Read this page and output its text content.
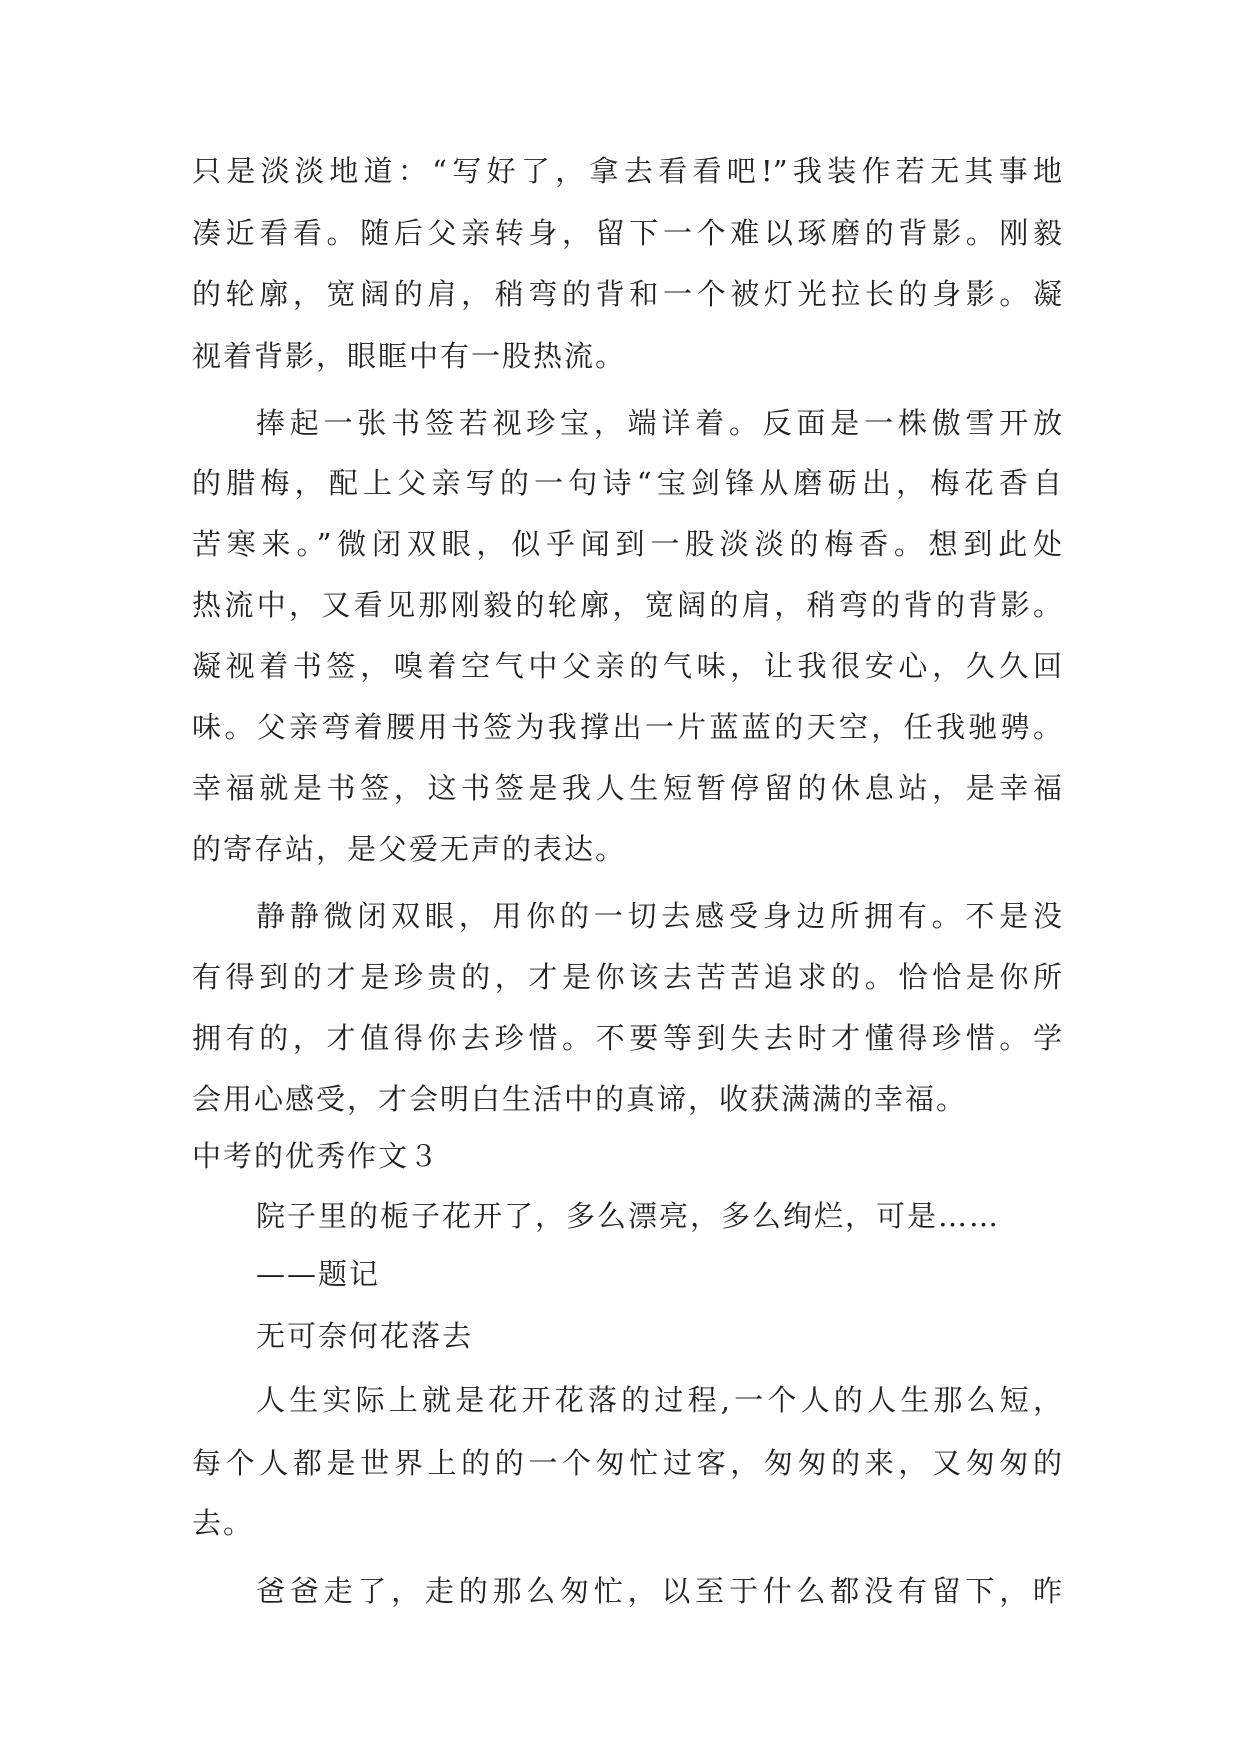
只是淡淡地道：“写好了，拿去看看吧!”我装作若无其事地
凑近看看。随后父亲转身，留下一个难以琢磨的背影。刚毅
的轮廓，宽阔的肩，稍弯的背和一个被灯光拉长的身影。凝
视着背影，眼眶中有一股热流。
捧起一张书签若视珍宝，端详着。反面是一株傲雪开放
的腊梅，配上父亲写的一句诗“宝剑锋从磨砺出，梅花香自
苦寒来。”微闭双眼，似乎闻到一股淡淡的梅香。想到此处
热流中，又看见那刚毅的轮廓，宽阔的肩，稍弯的背的背影。
凝视着书签，嗅着空气中父亲的气味，让我很安心，久久回
味。父亲弯着腰用书签为我撑出一片蓝蓝的天空，任我驰骋。
幸福就是书签，这书签是我人生短暂停留的休息站，是幸福
的寄存站，是父爱无声的表达。
静静微闭双眼，用你的一切去感受身边所拥有。不是没
有得到的才是珍贵的，才是你该去苦苦追求的。恰恰是你所
拥有的，才值得你去珍惜。不要等到失去时才懂得珍惜。学
会用心感受，才会明白生活中的真谛，收获满满的幸福。
中考的优秀作文３
院子里的栀子花开了，多么漂亮，多么绚烂，可是……
——题记
无可奈何花落去
人生实际上就是花开花落的过程,一个人的人生那么短，
每个人都是世界上的的一个匆忙过客，匆匆的来，又匆匆的
去。
爸爸走了，走的那么匆忙，以至于什么都没有留下，昨
